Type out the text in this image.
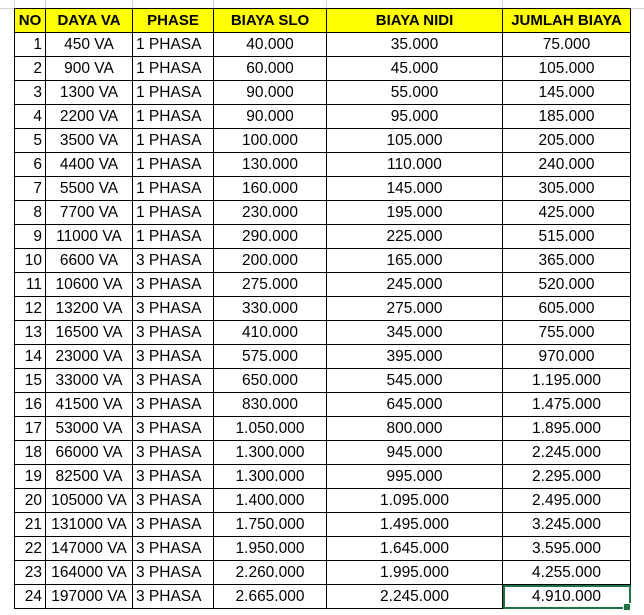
NO	DAYA VA	PHASE	BIAYA SLO	BIAYA NIDI	JUMLAH BIAYA
1	450 VA	1 PHASA	40.000	35.000	75.000
2	900 VA	1 PHASA	60.000	45.000	105.000
3	1300 VA	1 PHASA	90.000	55.000	145.000
4	2200 VA	1 PHASA	90.000	95.000	185.000
5	3500 VA	1 PHASA	100.000	105.000	205.000
6	4400 VA	1 PHASA	130.000	110.000	240.000
7	5500 VA	1 PHASA	160.000	145.000	305.000
8	7700 VA	1 PHASA	230.000	195.000	425.000
9	11000 VA	1 PHASA	290.000	225.000	515.000
10	6600 VA	3 PHASA	200.000	165.000	365.000
11	10600 VA	3 PHASA	275.000	245.000	520.000
12	13200 VA	3 PHASA	330.000	275.000	605.000
13	16500 VA	3 PHASA	410.000	345.000	755.000
14	23000 VA	3 PHASA	575.000	395.000	970.000
15	33000 VA	3 PHASA	650.000	545.000	1.195.000
16	41500 VA	3 PHASA	830.000	645.000	1.475.000
17	53000 VA	3 PHASA	1.050.000	800.000	1.895.000
18	66000 VA	3 PHASA	1.300.000	945.000	2.245.000
19	82500 VA	3 PHASA	1.300.000	995.000	2.295.000
20	105000 VA	3 PHASA	1.400.000	1.095.000	2.495.000
21	131000 VA	3 PHASA	1.750.000	1.495.000	3.245.000
22	147000 VA	3 PHASA	1.950.000	1.645.000	3.595.000
23	164000 VA	3 PHASA	2.260.000	1.995.000	4.255.000
24	197000 VA	3 PHASA	2.665.000	2.245.000	4.910.000
